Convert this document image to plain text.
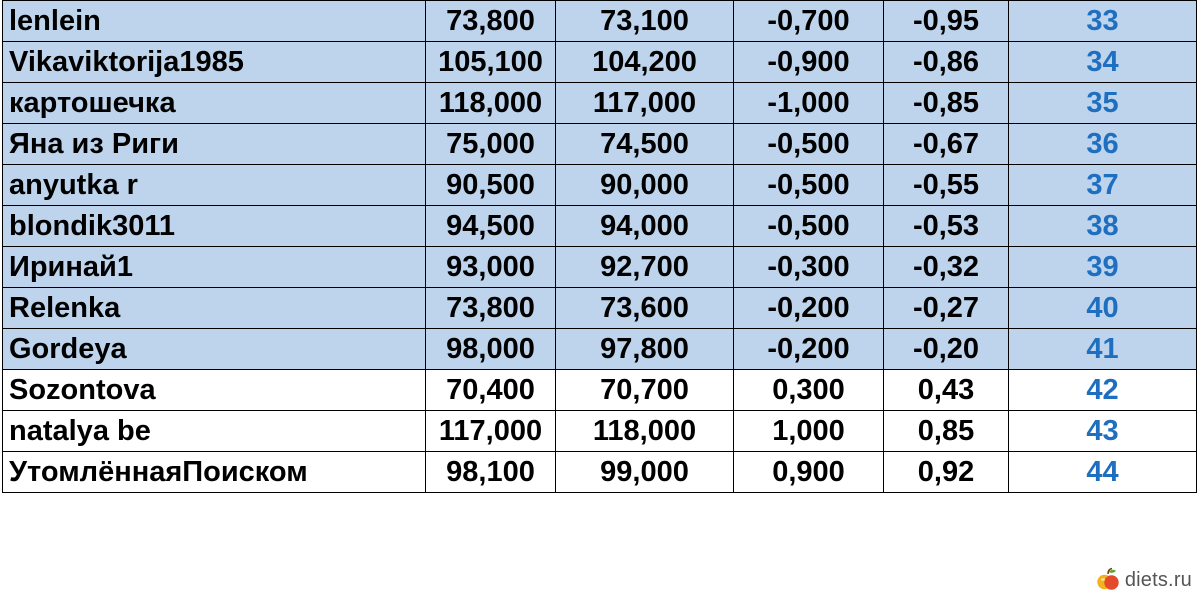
lenlein	73,800	73,100	-0,700	-0,95	33
Vikaviktorija1985	105,100	104,200	-0,900	-0,86	34
картошечка	118,000	117,000	-1,000	-0,85	35
Яна из Риги	75,000	74,500	-0,500	-0,67	36
anyutka r	90,500	90,000	-0,500	-0,55	37
blondik3011	94,500	94,000	-0,500	-0,53	38
Иринай1	93,000	92,700	-0,300	-0,32	39
Relenka	73,800	73,600	-0,200	-0,27	40
Gordeya	98,000	97,800	-0,200	-0,20	41
Sozontova	70,400	70,700	0,300	0,43	42
natalya be	117,000	118,000	1,000	0,85	43
УтомлённаяПоиском	98,100	99,000	0,900	0,92	44
diets.ru
